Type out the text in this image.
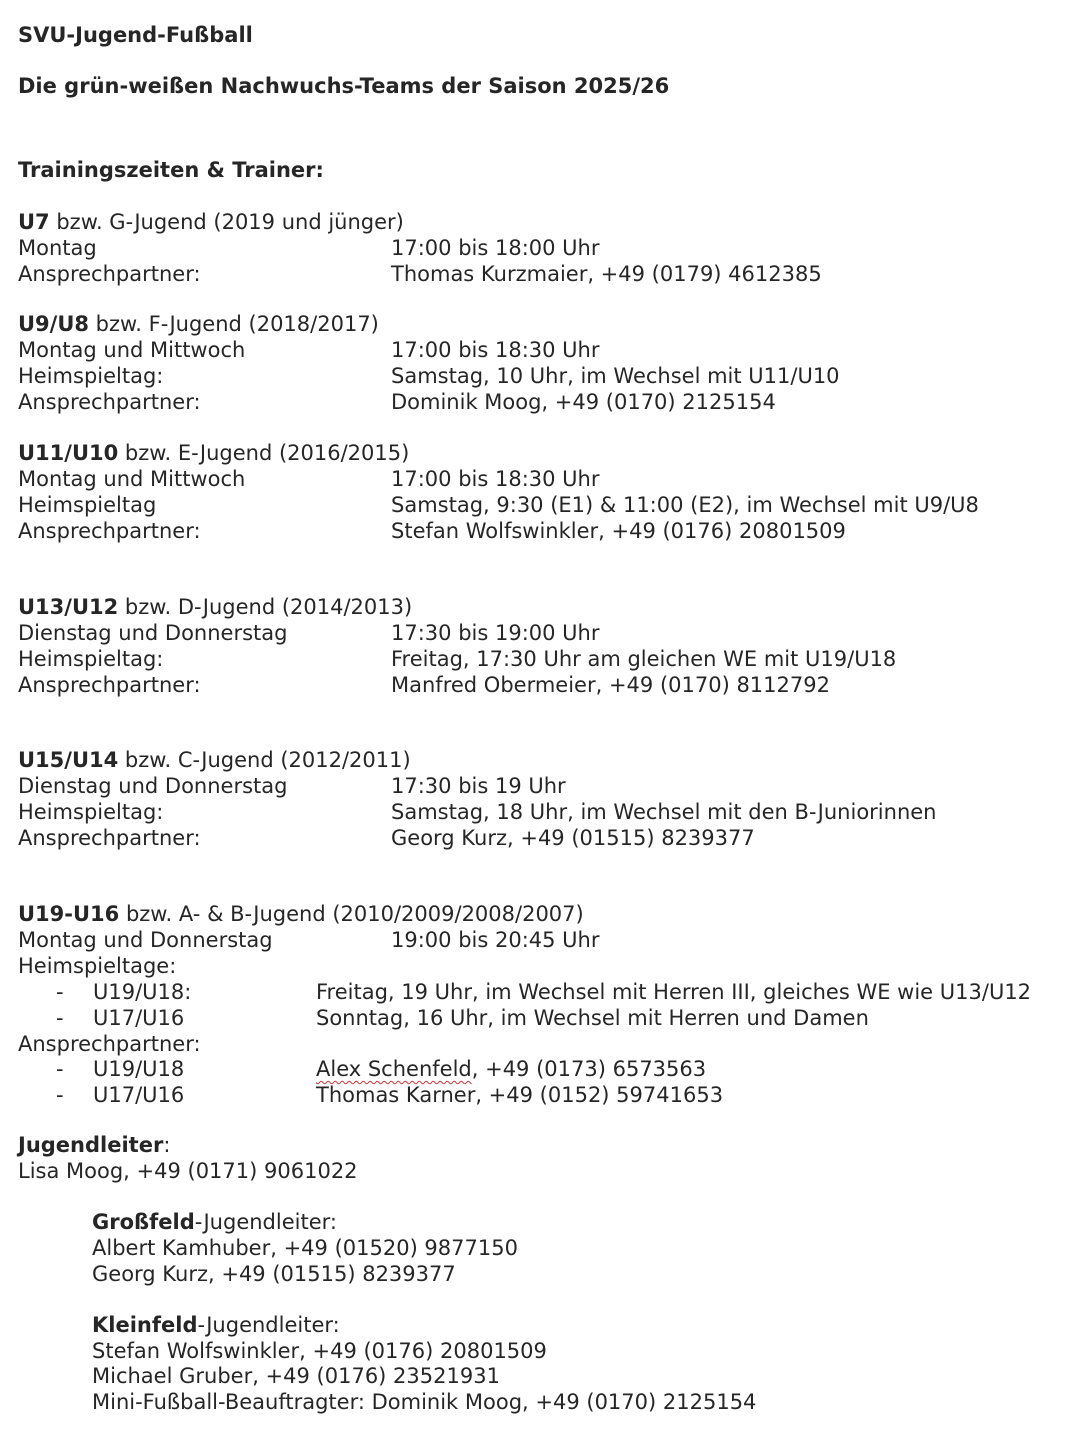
SVU-Jugend-Fußball
Die grün-weißen Nachwuchs-Teams der Saison 2025/26
Trainingszeiten & Trainer:
U7 bzw. G-Jugend (2019 und jünger)
Montag	17:00 bis 18:00 Uhr
Ansprechpartner:	Thomas Kurzmaier, +49 (0179) 4612385
U9/U8 bzw. F-Jugend (2018/2017)
Montag und Mittwoch	17:00 bis 18:30 Uhr
Heimspieltag:	Samstag, 10 Uhr, im Wechsel mit U11/U10
Ansprechpartner:	Dominik Moog, +49 (0170) 2125154
U11/U10 bzw. E-Jugend (2016/2015)
Montag und Mittwoch	17:00 bis 18:30 Uhr
Heimspieltag	Samstag, 9:30 (E1) & 11:00 (E2), im Wechsel mit U9/U8
Ansprechpartner:	Stefan Wolfswinkler, +49 (0176) 20801509
U13/U12 bzw. D-Jugend (2014/2013)
Dienstag und Donnerstag	17:30 bis 19:00 Uhr
Heimspieltag:	Freitag, 17:30 Uhr am gleichen WE mit U19/U18
Ansprechpartner:	Manfred Obermeier, +49 (0170) 8112792
U15/U14 bzw. C-Jugend (2012/2011)
Dienstag und Donnerstag	17:30 bis 19 Uhr
Heimspieltag:	Samstag, 18 Uhr, im Wechsel mit den B-Juniorinnen
Ansprechpartner:	Georg Kurz, +49 (01515) 8239377
U19-U16 bzw. A- & B-Jugend (2010/2009/2008/2007)
Montag und Donnerstag	19:00 bis 20:45 Uhr
Heimspieltage:
- U19/U18:	Freitag, 19 Uhr, im Wechsel mit Herren III, gleiches WE wie U13/U12
- U17/U16	Sonntag, 16 Uhr, im Wechsel mit Herren und Damen
Ansprechpartner:
- U19/U18	Alex Schenfeld, +49 (0173) 6573563
- U17/U16	Thomas Karner, +49 (0152) 59741653
Jugendleiter:
Lisa Moog, +49 (0171) 9061022
Großfeld-Jugendleiter:
Albert Kamhuber, +49 (01520) 9877150
Georg Kurz, +49 (01515) 8239377
Kleinfeld-Jugendleiter:
Stefan Wolfswinkler, +49 (0176) 20801509
Michael Gruber, +49 (0176) 23521931
Mini-Fußball-Beauftragter: Dominik Moog, +49 (0170) 2125154
